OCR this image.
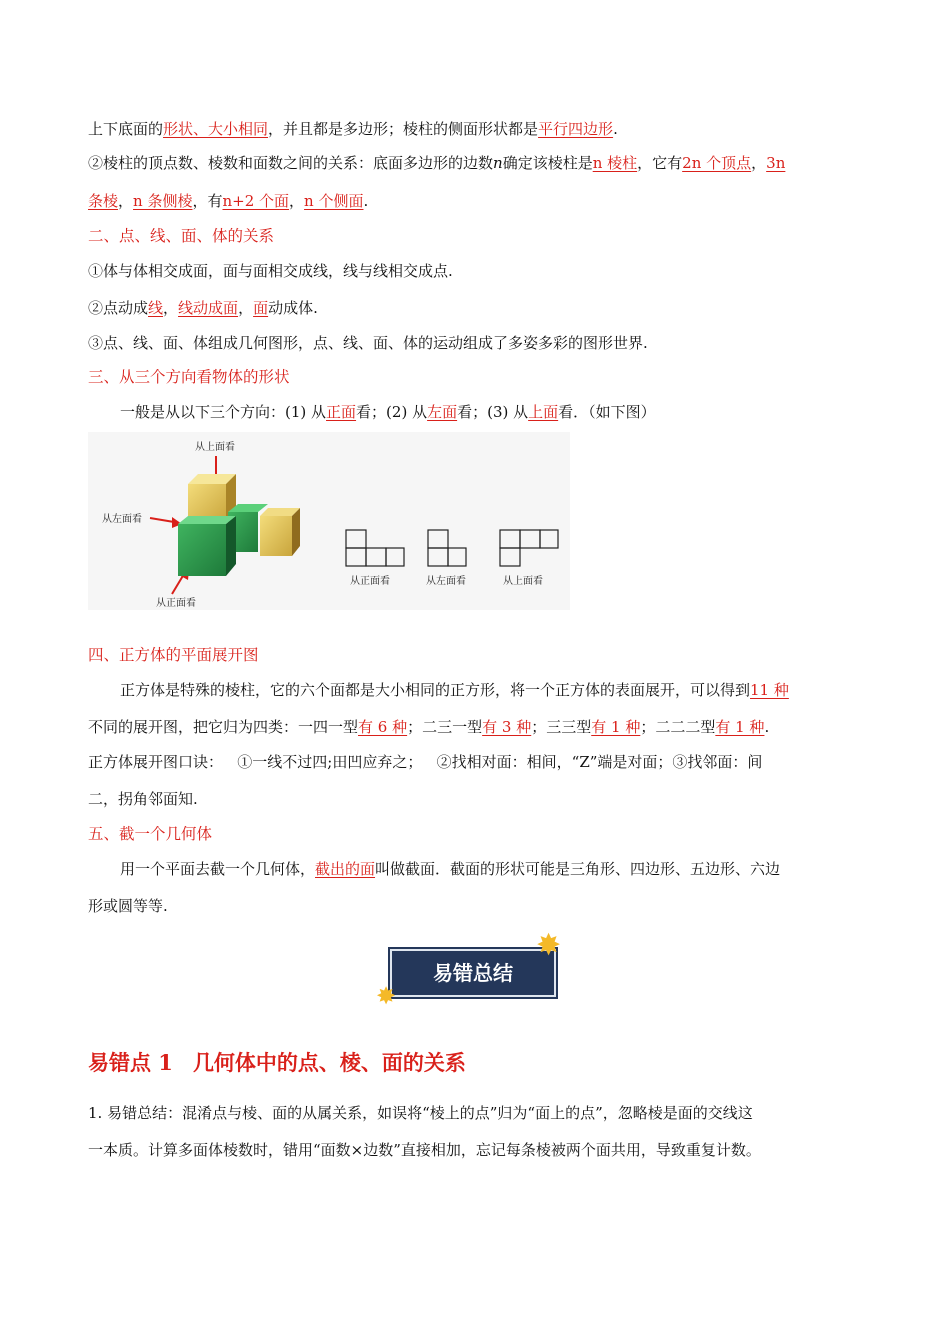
上下底面的形状、大小相同，并且都是多边形；棱柱的侧面形状都是平行四边形.
②棱柱的顶点数、棱数和面数之间的关系：底面多边形的边数n确定该棱柱是n 棱柱，它有2n 个顶点，3n
条棱，n 条侧棱，有n+2 个面，n 个侧面.
二、点、线、面、体的关系
①体与体相交成面，面与面相交成线，线与线相交成点.
②点动成线，线动成面，面动成体.
③点、线、面、体组成几何图形，点、线、面、体的运动组成了多姿多彩的图形世界.
三、从三个方向看物体的形状
一般是从以下三个方向：(1) 从正面看；(2) 从左面看；(3) 从上面看．（如下图）
从上面看
从左面看
从正面看
从正面看	从左面看	从上面看
四、正方体的平面展开图
正方体是特殊的棱柱，它的六个面都是大小相同的正方形，将一个正方体的表面展开，可以得到11 种
不同的展开图，把它归为四类：一四一型有 6 种；二三一型有 3 种；三三型有 1 种；二二二型有 1 种.
正方体展开图口诀：   ①一线不过四;田凹应弃之；   ②找相对面：相间，“Z”端是对面；③找邻面：间
二，拐角邻面知.
五、截一个几何体
用一个平面去截一个几何体，截出的面叫做截面．截面的形状可能是三角形、四边形、五边形、六边
形或圆等等.
易错总结
✸
✸
易错点 1 几何体中的点、棱、面的关系
1. 易错总结：混淆点与棱、面的从属关系，如误将“棱上的点”归为“面上的点”，忽略棱是面的交线这
一本质。计算多面体棱数时，错用“面数×边数”直接相加，忘记每条棱被两个面共用，导致重复计数。
